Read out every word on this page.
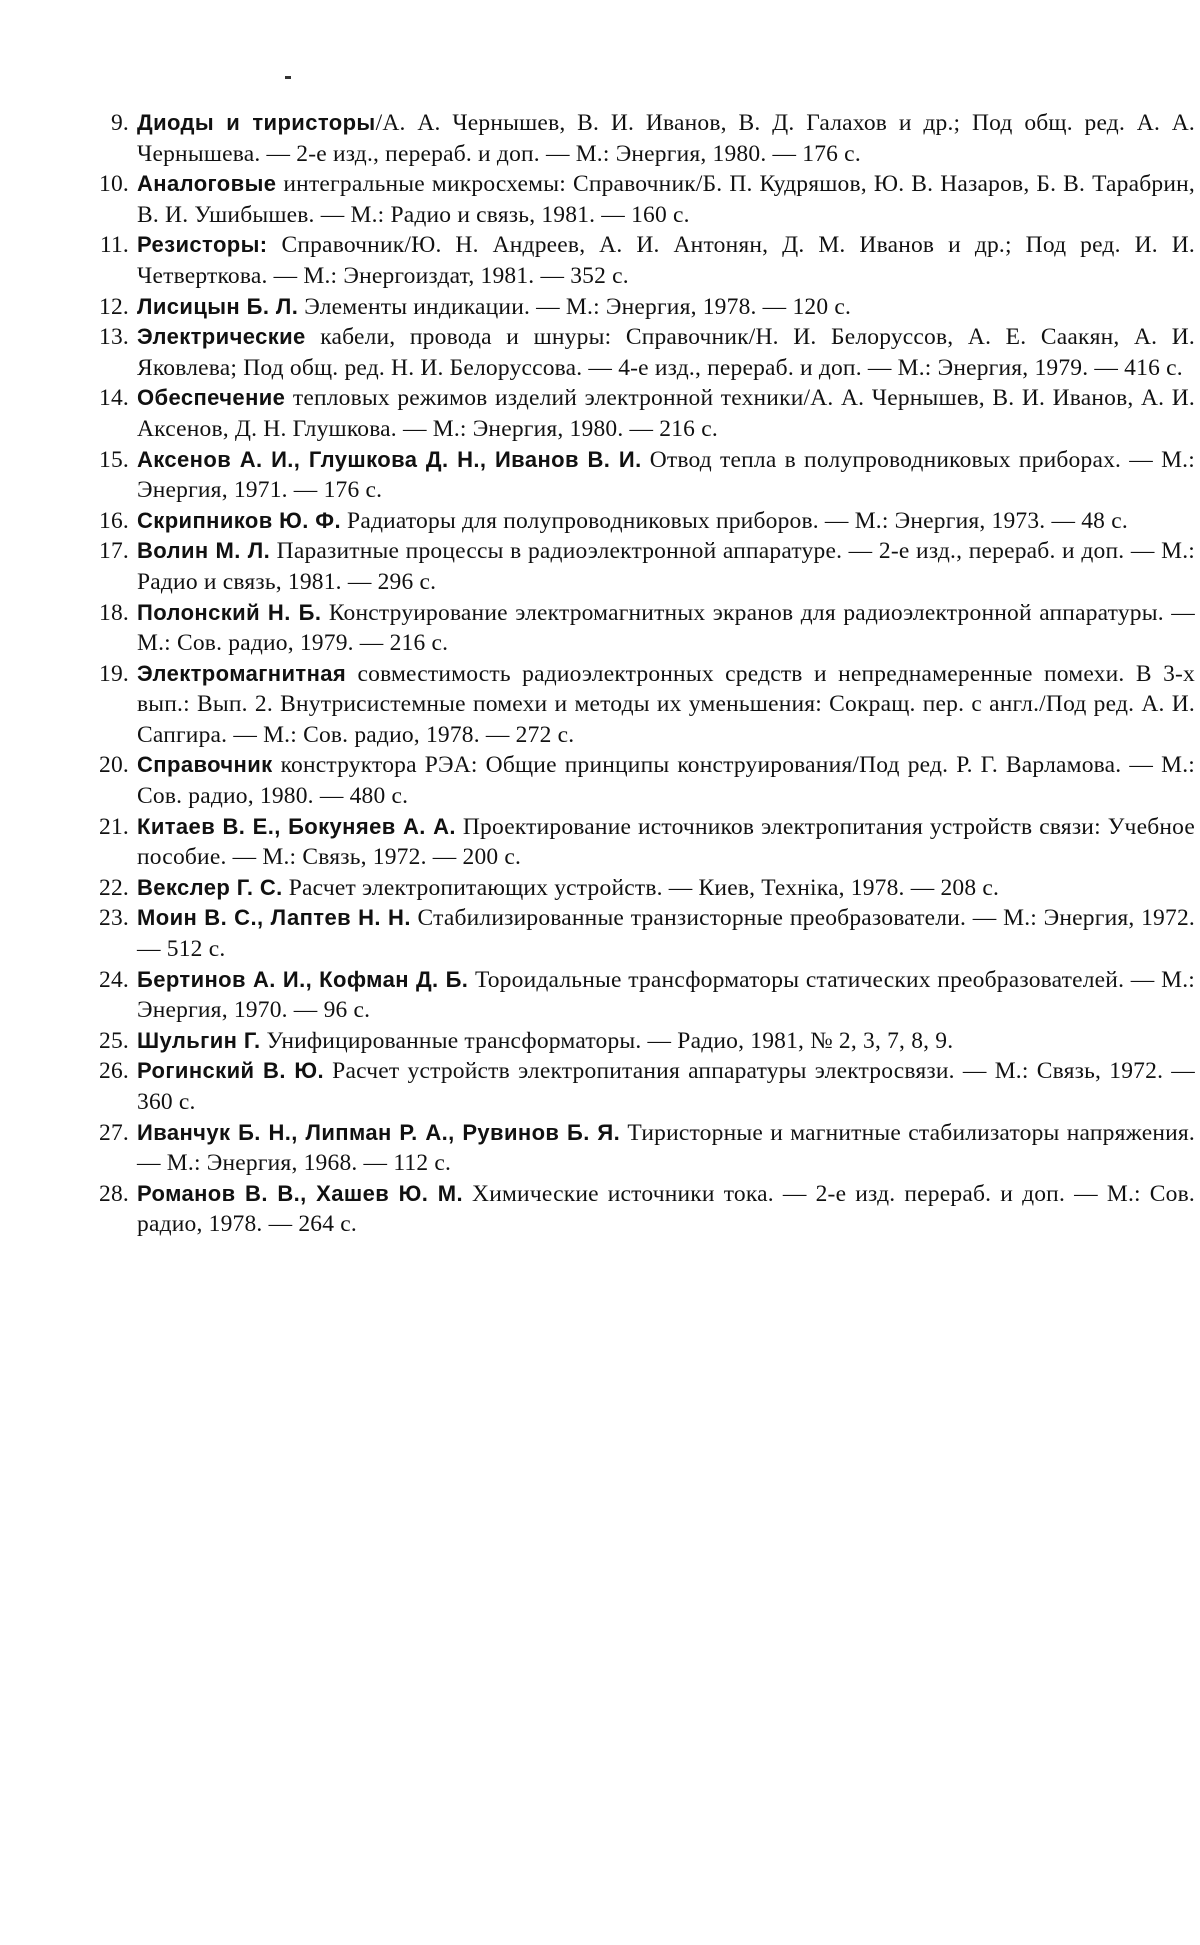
9. Диоды и тиристоры/А. А. Чернышев, В. И. Иванов, В. Д. Галахов и др.; Под общ. ред. А. А. Чернышева. — 2-е изд., перераб. и доп. — М.: Энергия, 1980. — 176 с.
10. Аналоговые интегральные микросхемы: Справочник/Б. П. Кудряшов, Ю. В. Назаров, Б. В. Тарабрин, В. И. Ушибышев. — М.: Радио и связь, 1981. — 160 с.
11. Резисторы: Справочник/Ю. Н. Андреев, А. И. Антонян, Д. М. Иванов и др.; Под ред. И. И. Четверткова. — М.: Энергоиздат, 1981. — 352 с.
12. Лисицын Б. Л. Элементы индикации. — М.: Энергия, 1978. — 120 с.
13. Электрические кабели, провода и шнуры: Справочник/Н. И. Белоруссов, А. Е. Саакян, А. И. Яковлева; Под общ. ред. Н. И. Белоруссова. — 4-е изд., перераб. и доп. — М.: Энергия, 1979. — 416 с.
14. Обеспечение тепловых режимов изделий электронной техники/А. А. Чернышев, В. И. Иванов, А. И. Аксенов, Д. Н. Глушкова. — М.: Энергия, 1980. — 216 с.
15. Аксенов А. И., Глушкова Д. Н., Иванов В. И. Отвод тепла в полупроводниковых приборах. — М.: Энергия, 1971. — 176 с.
16. Скрипников Ю. Ф. Радиаторы для полупроводниковых приборов. — М.: Энергия, 1973. — 48 с.
17. Волин М. Л. Паразитные процессы в радиоэлектронной аппаратуре. — 2-е изд., перераб. и доп. — М.: Радио и связь, 1981. — 296 с.
18. Полонский Н. Б. Конструирование электромагнитных экранов для радиоэлектронной аппаратуры. — М.: Сов. радио, 1979. — 216 с.
19. Электромагнитная совместимость радиоэлектронных средств и непреднамеренные помехи. В 3-х вып.: Вып. 2. Внутрисистемные помехи и методы их уменьшения: Сокращ. пер. с англ./Под ред. А. И. Сапгира. — М.: Сов. радио, 1978. — 272 с.
20. Справочник конструктора РЭА: Общие принципы конструирования/Под ред. Р. Г. Варламова. — М.: Сов. радио, 1980. — 480 с.
21. Китаев В. Е., Бокуняев А. А. Проектирование источников электропитания устройств связи: Учебное пособие. — М.: Связь, 1972. — 200 с.
22. Векслер Г. С. Расчет электропитающих устройств. — Киев, Технiка, 1978. — 208 с.
23. Моин В. С., Лаптев Н. Н. Стабилизированные транзисторные преобразователи. — М.: Энергия, 1972. — 512 с.
24. Бертинов А. И., Кофман Д. Б. Тороидальные трансформаторы статических преобразователей. — М.: Энергия, 1970. — 96 с.
25. Шульгин Г. Унифицированные трансформаторы. — Радио, 1981, № 2, 3, 7, 8, 9.
26. Рогинский В. Ю. Расчет устройств электропитания аппаратуры электросвязи. — М.: Связь, 1972. — 360 с.
27. Иванчук Б. Н., Липман Р. А., Рувинов Б. Я. Тиристорные и магнитные стабилизаторы напряжения. — М.: Энергия, 1968. — 112 с.
28. Романов В. В., Хашев Ю. М. Химические источники тока. — 2-е изд. перераб. и доп. — М.: Сов. радио, 1978. — 264 с.
